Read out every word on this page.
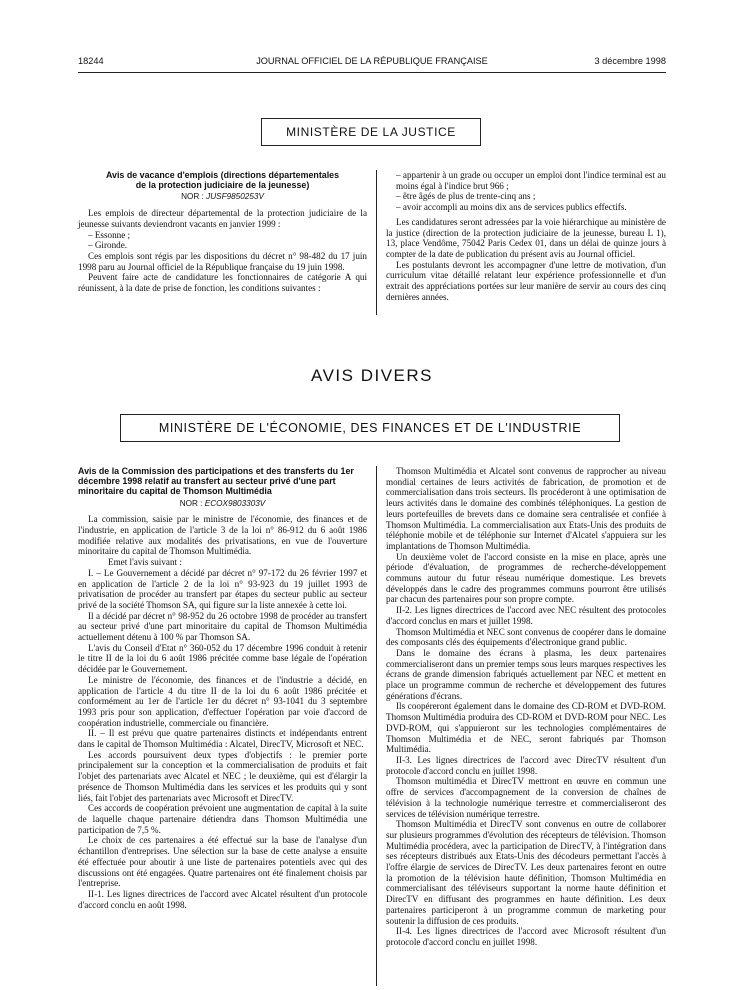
18244	JOURNAL OFFICIEL DE LA RÉPUBLIQUE FRANÇAISE	3 décembre 1998
MINISTÈRE DE LA JUSTICE
Avis de vacance d'emplois (directions départementales
de la protection judiciaire de la jeunesse)
NOR : JUSF9850253V

Les emplois de directeur départemental de la protection judiciaire de la jeunesse suivants deviendront vacants en janvier 1999 :

– Essonne ;

– Gironde.

Ces emplois sont régis par les dispositions du décret n° 98-482 du 17 juin 1998 paru au Journal officiel de la République française du 19 juin 1998.

Peuvent faire acte de candidature les fonctionnaires de catégorie A qui réunissent, à la date de prise de fonction, les conditions suivantes :

– appartenir à un grade ou occuper un emploi dont l'indice terminal est au moins égal à l'indice brut 966 ;

– être âgés de plus de trente-cinq ans ;

– avoir accompli au moins dix ans de services publics effectifs.

Les candidatures seront adressées par la voie hiérarchique au ministère de la justice (direction de la protection judiciaire de la jeunesse, bureau L 1), 13, place Vendôme, 75042 Paris Cedex 01, dans un délai de quinze jours à compter de la date de publication du présent avis au Journal officiel.

Les postulants devront les accompagner d'une lettre de motivation, d'un curriculum vitae détaillé relatant leur expérience professionnelle et d'un extrait des appréciations portées sur leur manière de servir au cours des cinq dernières années.

AVIS DIVERS
MINISTÈRE DE L'ÉCONOMIE, DES FINANCES ET DE L'INDUSTRIE
Avis de la Commission des participations et des transferts du 1er décembre 1998 relatif au transfert au secteur privé d'une part minoritaire du capital de Thomson Multimédia
NOR : ECOX9803303V

La commission, saisie par le ministre de l'économie, des finances et de l'industrie, en application de l'article 3 de la loi n° 86-912 du 6 août 1986 modifiée relative aux modalités des privatisations, en vue de l'ouverture minoritaire du capital de Thomson Multimédia.

Emet l'avis suivant :

I. – Le Gouvernement a décidé par décret n° 97-172 du 26 février 1997 et en application de l'article 2 de la loi n° 93-923 du 19 juillet 1993 de privatisation de procéder au transfert par étapes du secteur public au secteur privé de la société Thomson SA, qui figure sur la liste annexée à cette loi.

Il a décidé par décret n° 98-952 du 26 octobre 1998 de procéder au transfert au secteur privé d'une part minoritaire du capital de Thomson Multimédia actuellement détenu à 100 % par Thomson SA.

L'avis du Conseil d'Etat n° 360-052 du 17 décembre 1996 conduit à retenir le titre II de la loi du 6 août 1986 précitée comme base légale de l'opération décidée par le Gouvernement.

Le ministre de l'économie, des finances et de l'industrie a décidé, en application de l'article 4 du titre II de la loi du 6 août 1986 précitée et conformément au 1er de l'article 1er du décret n° 93-1041 du 3 septembre 1993 pris pour son application, d'effectuer l'opération par voie d'accord de coopération industrielle, commerciale ou financière.

II. – Il est prévu que quatre partenaires distincts et indépendants entrent dans le capital de Thomson Multimédia : Alcatel, DirecTV, Microsoft et NEC.

Les accords poursuivent deux types d'objectifs : le premier porte principalement sur la conception et la commercialisation de produits et fait l'objet des partenariats avec Alcatel et NEC ; le deuxième, qui est d'élargir la présence de Thomson Multimédia dans les services et les produits qui y sont liés, fait l'objet des partenariats avec Microsoft et DirecTV.

Ces accords de coopération prévoient une augmentation de capital à la suite de laquelle chaque partenaire détiendra dans Thomson Multimédia une participation de 7,5 %.

Le choix de ces partenaires a été effectué sur la base de l'analyse d'un échantillon d'entreprises. Une sélection sur la base de cette analyse a ensuite été effectuée pour aboutir à une liste de partenaires potentiels avec qui des discussions ont été engagées. Quatre partenaires ont été finalement choisis par l'entreprise.

II-1. Les lignes directrices de l'accord avec Alcatel résultent d'un protocole d'accord conclu en août 1998.

Thomson Multimédia et Alcatel sont convenus de rapprocher au niveau mondial certaines de leurs activités de fabrication, de promotion et de commercialisation dans trois secteurs. Ils procéderont à une optimisation de leurs activités dans le domaine des combinés téléphoniques. La gestion de leurs portefeuilles de brevets dans ce domaine sera centralisée et confiée à Thomson Multimédia. La commercialisation aux Etats-Unis des produits de téléphonie mobile et de téléphonie sur Internet d'Alcatel s'appuiera sur les implantations de Thomson Multimédia.

Un deuxième volet de l'accord consiste en la mise en place, après une période d'évaluation, de programmes de recherche-développement communs autour du futur réseau numérique domestique. Les brevets développés dans le cadre des programmes communs pourront être utilisés par chacun des partenaires pour son propre compte.

II-2. Les lignes directrices de l'accord avec NEC résultent des protocoles d'accord conclus en mars et juillet 1998.

Thomson Multimédia et NEC sont convenus de coopérer dans le domaine des composants clés des équipements d'électronique grand public.

Dans le domaine des écrans à plasma, les deux partenaires commercialiseront dans un premier temps sous leurs marques respectives les écrans de grande dimension fabriqués actuellement par NEC et mettent en place un programme commun de recherche et développement des futures générations d'écrans.

Ils coopéreront également dans le domaine des CD-ROM et DVD-ROM. Thomson Multimédia produira des CD-ROM et DVD-ROM pour NEC. Les DVD-ROM, qui s'appuieront sur les technologies complémentaires de Thomson Multimédia et de NEC, seront fabriqués par Thomson Multimédia.

II-3. Les lignes directrices de l'accord avec DirecTV résultent d'un protocole d'accord conclu en juillet 1998.

Thomson multimédia et DirecTV mettront en œuvre en commun une offre de services d'accompagnement de la conversion de chaînes de télévision à la technologie numérique terrestre et commercialiseront des services de télévision numérique terrestre.

Thomson Multimédia et DirecTV sont convenus en outre de collaborer sur plusieurs programmes d'évolution des récepteurs de télévision. Thomson Multimédia procédera, avec la participation de DirecTV, à l'intégration dans ses récepteurs distribués aux Etats-Unis des décodeurs permettant l'accès à l'offre élargie de services de DirecTV. Les deux partenaires feront en outre la promotion de la télévision haute définition, Thomson Multimédia en commercialisant des téléviseurs supportant la norme haute définition et DirecTV en diffusant des programmes en haute définition. Les deux partenaires participeront à un programme commun de marketing pour soutenir la diffusion de ces produits.

II-4. Les lignes directrices de l'accord avec Microsoft résultent d'un protocole d'accord conclu en juillet 1998.
